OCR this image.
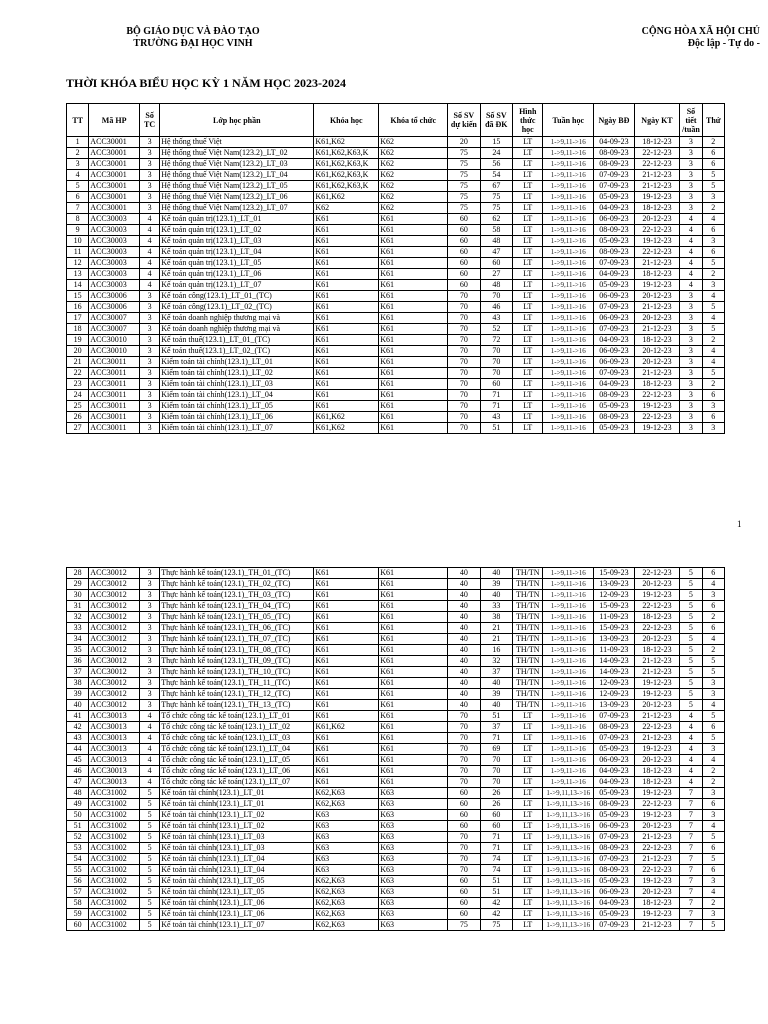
BỘ GIÁO DỤC VÀ ĐÀO TẠO
TRƯỜNG ĐẠI HỌC VINH
CỘNG HÒA XÃ HỘI CHỦ
Độc lập - Tự do -
THỜI KHÓA BIỂU HỌC KỲ 1 NĂM HỌC 2023-2024
TT	Mã HP	Số TC	Lớp học phần	Khóa học	Khóa tổ chức	Số SV dự kiến	Số SV đã ĐK	Hình thức học	Tuần học	Ngày BĐ	Ngày KT	Số tiết /tuần	Thứ
1	ACC30001	3	Hệ thống thuế Việt	K61,K62	K62	20	15	LT	1->9,11->16	04-09-23	18-12-23	3	2
2	ACC30001	3	Hệ thống thuế Việt Nam(123.2)_LT_02	K61,K62,K63,K	K62	75	24	LT	1->9,11->16	08-09-23	22-12-23	3	6
3	ACC30001	3	Hệ thống thuế Việt Nam(123.2)_LT_03	K61,K62,K63,K	K62	75	56	LT	1->9,11->16	08-09-23	22-12-23	3	6
4	ACC30001	3	Hệ thống thuế Việt Nam(123.2)_LT_04	K61,K62,K63,K	K62	75	54	LT	1->9,11->16	07-09-23	21-12-23	3	5
5	ACC30001	3	Hệ thống thuế Việt Nam(123.2)_LT_05	K61,K62,K63,K	K62	75	67	LT	1->9,11->16	07-09-23	21-12-23	3	5
6	ACC30001	3	Hệ thống thuế Việt Nam(123.2)_LT_06	K61,K62	K62	75	75	LT	1->9,11->16	05-09-23	19-12-23	3	3
7	ACC30001	3	Hệ thống thuế Việt Nam(123.2)_LT_07	K62	K62	75	75	LT	1->9,11->16	04-09-23	18-12-23	3	2
8	ACC30003	4	Kế toán quản trị(123.1)_LT_01	K61	K61	60	62	LT	1->9,11->16	06-09-23	20-12-23	4	4
9	ACC30003	4	Kế toán quản trị(123.1)_LT_02	K61	K61	60	58	LT	1->9,11->16	08-09-23	22-12-23	4	6
10	ACC30003	4	Kế toán quản trị(123.1)_LT_03	K61	K61	60	48	LT	1->9,11->16	05-09-23	19-12-23	4	3
11	ACC30003	4	Kế toán quản trị(123.1)_LT_04	K61	K61	60	47	LT	1->9,11->16	08-09-23	22-12-23	4	6
12	ACC30003	4	Kế toán quản trị(123.1)_LT_05	K61	K61	60	60	LT	1->9,11->16	07-09-23	21-12-23	4	5
13	ACC30003	4	Kế toán quản trị(123.1)_LT_06	K61	K61	60	27	LT	1->9,11->16	04-09-23	18-12-23	4	2
14	ACC30003	4	Kế toán quản trị(123.1)_LT_07	K61	K61	60	48	LT	1->9,11->16	05-09-23	19-12-23	4	3
15	ACC30006	3	Kế toán công(123.1)_LT_01_(TC)	K61	K61	70	70	LT	1->9,11->16	06-09-23	20-12-23	3	4
16	ACC30006	3	Kế toán công(123.1)_LT_02_(TC)	K61	K61	70	46	LT	1->9,11->16	07-09-23	21-12-23	3	5
17	ACC30007	3	Kế toán doanh nghiệp thương mại và	K61	K61	70	43	LT	1->9,11->16	06-09-23	20-12-23	3	4
18	ACC30007	3	Kế toán doanh nghiệp thương mại và	K61	K61	70	52	LT	1->9,11->16	07-09-23	21-12-23	3	5
19	ACC30010	3	Kế toán thuế(123.1)_LT_01_(TC)	K61	K61	70	72	LT	1->9,11->16	04-09-23	18-12-23	3	2
20	ACC30010	3	Kế toán thuế(123.1)_LT_02_(TC)	K61	K61	70	70	LT	1->9,11->16	06-09-23	20-12-23	3	4
21	ACC30011	3	Kiểm toán tài chính(123.1)_LT_01	K61	K61	70	70	LT	1->9,11->16	06-09-23	20-12-23	3	4
22	ACC30011	3	Kiểm toán tài chính(123.1)_LT_02	K61	K61	70	70	LT	1->9,11->16	07-09-23	21-12-23	3	5
23	ACC30011	3	Kiểm toán tài chính(123.1)_LT_03	K61	K61	70	60	LT	1->9,11->16	04-09-23	18-12-23	3	2
24	ACC30011	3	Kiểm toán tài chính(123.1)_LT_04	K61	K61	70	71	LT	1->9,11->16	08-09-23	22-12-23	3	6
25	ACC30011	3	Kiểm toán tài chính(123.1)_LT_05	K61	K61	70	71	LT	1->9,11->16	05-09-23	19-12-23	3	3
26	ACC30011	3	Kiểm toán tài chính(123.1)_LT_06	K61,K62	K61	70	43	LT	1->9,11->16	08-09-23	22-12-23	3	6
27	ACC30011	3	Kiểm toán tài chính(123.1)_LT_07	K61,K62	K61	70	51	LT	1->9,11->16	05-09-23	19-12-23	3	3
1
28	ACC30012	3	Thực hành kế toán(123.1)_TH_01_(TC)	K61	K61	40	40	TH/TN	1->9,11->16	15-09-23	22-12-23	5	6
29	ACC30012	3	Thực hành kế toán(123.1)_TH_02_(TC)	K61	K61	40	39	TH/TN	1->9,11->16	13-09-23	20-12-23	5	4
30	ACC30012	3	Thực hành kế toán(123.1)_TH_03_(TC)	K61	K61	40	40	TH/TN	1->9,11->16	12-09-23	19-12-23	5	3
31	ACC30012	3	Thực hành kế toán(123.1)_TH_04_(TC)	K61	K61	40	33	TH/TN	1->9,11->16	15-09-23	22-12-23	5	6
32	ACC30012	3	Thực hành kế toán(123.1)_TH_05_(TC)	K61	K61	40	38	TH/TN	1->9,11->16	11-09-23	18-12-23	5	2
33	ACC30012	3	Thực hành kế toán(123.1)_TH_06_(TC)	K61	K61	40	21	TH/TN	1->9,11->16	15-09-23	22-12-23	5	6
34	ACC30012	3	Thực hành kế toán(123.1)_TH_07_(TC)	K61	K61	40	21	TH/TN	1->9,11->16	13-09-23	20-12-23	5	4
35	ACC30012	3	Thực hành kế toán(123.1)_TH_08_(TC)	K61	K61	40	16	TH/TN	1->9,11->16	11-09-23	18-12-23	5	2
36	ACC30012	3	Thực hành kế toán(123.1)_TH_09_(TC)	K61	K61	40	32	TH/TN	1->9,11->16	14-09-23	21-12-23	5	5
37	ACC30012	3	Thực hành kế toán(123.1)_TH_10_(TC)	K61	K61	40	37	TH/TN	1->9,11->16	14-09-23	21-12-23	5	5
38	ACC30012	3	Thực hành kế toán(123.1)_TH_11_(TC)	K61	K61	40	40	TH/TN	1->9,11->16	12-09-23	19-12-23	5	3
39	ACC30012	3	Thực hành kế toán(123.1)_TH_12_(TC)	K61	K61	40	39	TH/TN	1->9,11->16	12-09-23	19-12-23	5	3
40	ACC30012	3	Thực hành kế toán(123.1)_TH_13_(TC)	K61	K61	40	40	TH/TN	1->9,11->16	13-09-23	20-12-23	5	4
41	ACC30013	4	Tổ chức công tác kế toán(123.1)_LT_01	K61	K61	70	51	LT	1->9,11->16	07-09-23	21-12-23	4	5
42	ACC30013	4	Tổ chức công tác kế toán(123.1)_LT_02	K61,K62	K61	70	37	LT	1->9,11->16	08-09-23	22-12-23	4	6
43	ACC30013	4	Tổ chức công tác kế toán(123.1)_LT_03	K61	K61	70	71	LT	1->9,11->16	07-09-23	21-12-23	4	5
44	ACC30013	4	Tổ chức công tác kế toán(123.1)_LT_04	K61	K61	70	69	LT	1->9,11->16	05-09-23	19-12-23	4	3
45	ACC30013	4	Tổ chức công tác kế toán(123.1)_LT_05	K61	K61	70	70	LT	1->9,11->16	06-09-23	20-12-23	4	4
46	ACC30013	4	Tổ chức công tác kế toán(123.1)_LT_06	K61	K61	70	70	LT	1->9,11->16	04-09-23	18-12-23	4	2
47	ACC30013	4	Tổ chức công tác kế toán(123.1)_LT_07	K61	K61	70	70	LT	1->9,11->16	04-09-23	18-12-23	4	2
48	ACC31002	5	Kế toán tài chính(123.1)_LT_01	K62,K63	K63	60	26	LT	1->9,11,13->16	05-09-23	19-12-23	7	3
49	ACC31002	5	Kế toán tài chính(123.1)_LT_01	K62,K63	K63	60	26	LT	1->9,11,13->16	08-09-23	22-12-23	7	6
50	ACC31002	5	Kế toán tài chính(123.1)_LT_02	K63	K63	60	60	LT	1->9,11,13->16	05-09-23	19-12-23	7	3
51	ACC31002	5	Kế toán tài chính(123.1)_LT_02	K63	K63	60	60	LT	1->9,11,13->16	06-09-23	20-12-23	7	4
52	ACC31002	5	Kế toán tài chính(123.1)_LT_03	K63	K63	70	71	LT	1->9,11,13->16	07-09-23	21-12-23	7	5
53	ACC31002	5	Kế toán tài chính(123.1)_LT_03	K63	K63	70	71	LT	1->9,11,13->16	08-09-23	22-12-23	7	6
54	ACC31002	5	Kế toán tài chính(123.1)_LT_04	K63	K63	70	74	LT	1->9,11,13->16	07-09-23	21-12-23	7	5
55	ACC31002	5	Kế toán tài chính(123.1)_LT_04	K63	K63	70	74	LT	1->9,11,13->16	08-09-23	22-12-23	7	6
56	ACC31002	5	Kế toán tài chính(123.1)_LT_05	K62,K63	K63	60	51	LT	1->9,11,13->16	05-09-23	19-12-23	7	3
57	ACC31002	5	Kế toán tài chính(123.1)_LT_05	K62,K63	K63	60	51	LT	1->9,11,13->16	06-09-23	20-12-23	7	4
58	ACC31002	5	Kế toán tài chính(123.1)_LT_06	K62,K63	K63	60	42	LT	1->9,11,13->16	04-09-23	18-12-23	7	2
59	ACC31002	5	Kế toán tài chính(123.1)_LT_06	K62,K63	K63	60	42	LT	1->9,11,13->16	05-09-23	19-12-23	7	3
60	ACC31002	5	Kế toán tài chính(123.1)_LT_07	K62,K63	K63	75	75	LT	1->9,11,13->16	07-09-23	21-12-23	7	5
